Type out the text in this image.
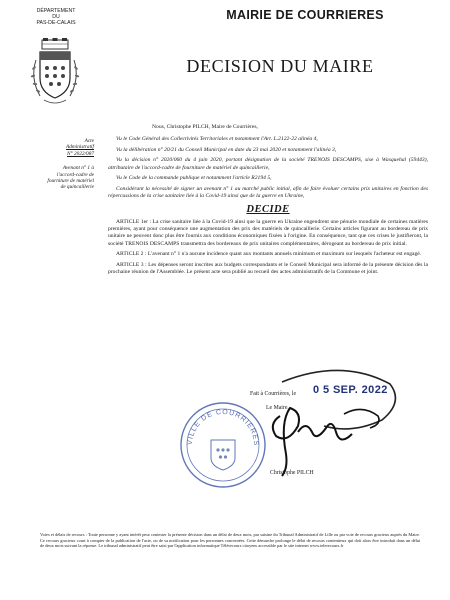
DÉPARTEMENT
DU
PAS-DE-CALAIS
MAIRIE DE COURRIERES
DECISION DU MAIRE
Acte
Administratif
N° 2022/087
Avenant n° 1 à
l'accord-cadre de
fourniture de matériel
de quincaillerie

Nous, Christophe PILCH, Maire de Courrières,

Vu le Code Général des Collectivités Territoriales et notamment l'Art. L.2122-22 alinéa 4,

Vu la délibération n° 20/21 du Conseil Municipal en date du 23 mai 2020 et notamment l'alinéa 3,

Vu la décision n° 2020/060 du 4 juin 2020, portant désignation de la société TRENOIS DESCAMPS, sise à Wasquehal (59443), attributaire de l'accord-cadre de fourniture de matériel de quincaillerie,

Vu le Code de la commande publique et notamment l'article R2194 5,

Considérant la nécessité de signer un avenant n° 1 au marché public initial, afin de faire évoluer certains prix unitaires en fonction des répercussions de la crise sanitaire liée à la Covid-19 ainsi que de la guerre en Ukraine,

DECIDE

ARTICLE 1er : La crise sanitaire liée à la Covid-19 ainsi que la guerre en Ukraine engendrent une pénurie mondiale de certaines matières premières, ayant pour conséquence une augmentation des prix des matériels de quincaillerie. Certains articles figurant au bordereau de prix unitaire ne peuvent donc plus être fournis aux conditions économiques fixées à l'origine. En conséquence, tant que ces crises le justifieront, la société TRENOIS DESCAMPS transmettra des bordereaux de prix unitaires complémentaires, dérogeant au bordereau de prix initial.

ARTICLE 2 : L'avenant n° 1 n'a aucune incidence quant aux montants annuels minimum et maximum sur lesquels l'acheteur est engagé.

ARTICLE 3 : Les dépenses seront inscrites aux budgets correspondants et le Conseil Municipal sera informé de la présente décision dès la prochaine réunion de l'Assemblée. Le présent acte sera publié au recueil des actes administratifs de la Commune et joint.

VILLE DE COURRIERES
Fait à Courrières, le 0 5 SEP. 2022
Le Maire,
Christophe PILCH
Voies et délais de recours : Toute personne y ayant intérêt peut contester la présente décision dans un délai de deux mois, par saisine du Tribunal Administratif de Lille ou par voie de recours gracieux auprès du Maire. Ce recours gracieux court à compter de la publication de l'acte, ou de sa notification pour les personnes concernées. Cette démarche prolonge le délai de recours contentieux qui doit alors être introduit dans un délai de deux mois suivant la réponse. Le tribunal administratif peut être saisi par l'application informatique Télérecours citoyens accessible par le site internet www.telerecours.fr
